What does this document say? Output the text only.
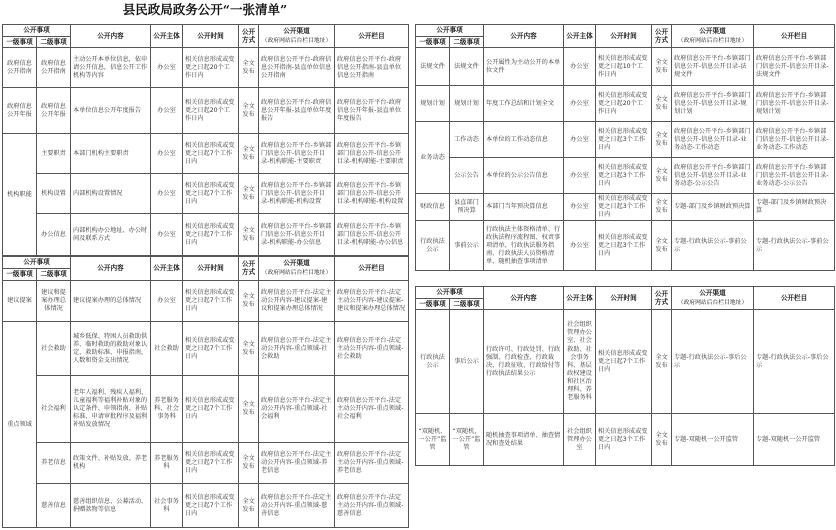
县民政局政务公开“一张清单”
公开事项		公开内容	公开主体	公开时间	公开方式	公开渠道
（政府网站后台栏目地址）	公开栏目
一级事项	二级事项						
政府信息公开指南	政府信息公开指南	主动公开本单位信息，依申请公开信息，信息公开工作机构等内容	办公室	相关信息形成或变更之日起20个工作日内	全文发布	政府信息公开平台-政府信息公开指南-县直单位信息公开指南	政府信息公开平台-政府信息公开指南-县直单位信息公开指南
政府信息公开年报	政府信息公开年报	本单位信息公开年度报告	办公室	相关信息形成或变更之日起20个工作日内	全文发布	政府信息公开平台-政府信息公开年报-县直单位年度报告	政府信息公开平台-政府信息公开年报-县直单位年度报告
机构职能	主要职责	本部门机构主要职责	办公室	相关信息形成或变更之日起7个工作日内	全文发布	政府信息公开平台-乡镇部门信息公开-信息公开目录-机构职能-主要职责	政府信息公开平台-乡镇部门信息公开-信息公开目录-机构职能-主要职责
	机构设置	内部机构设置情况	办公室	相关信息形成或变更之日起7个工作日内	全文发布	政府信息公开平台-乡镇部门信息公开-信息公开目录-机构职能-机构设置	政府信息公开平台-乡镇部门信息公开-信息公开目录-机构职能-机构设置
	办公信息	内部机构办公地址、办公时间及联系方式	办公室	相关信息形成或变更之日起7个工作日内	全文发布	政府信息公开平台-乡镇部门信息公开-信息公开目录-机构职能-办公信息	政府信息公开平台-乡镇部门信息公开-信息公开目录-机构职能-办公信息
公开事项		公开内容	公开主体	公开时间	公开方式	公开渠道
（政府网站后台栏目地址）	公开栏目
一级事项	二级事项						
建议提案	建议和提案办理总体情况	建议提案办理的总体情况	办公室	相关信息形成或变更之日起7个工作日内	全文发布	政府信息公开平台-法定主动公开内容-建议提案-建议和提案办理总体情况	政府信息公开平台-法定主动公开内容-建议提案-建议和提案办理总体情况
重点领域	社会救助	城乡低保、特困人员救助供养、临时救助的救助对象认定、救助标准、申报指南，人数和资金支出情况	社会救助	相关信息形成或变更之日起7个工作日内	全文发布	政府信息公开平台-法定主动公开内容-重点领域-社会救助	政府信息公开平台-法定主动公开内容-重点领域-社会救助
	社会福利	老年人福利、残疾人福利、儿童福利等福利补贴对象的认定条件、申领指南、补贴标准、申请审批程序及福利补贴发放情况	养老服务科、社会事务科	相关信息形成或变更之日起7个工作日内	全文发布	政府信息公开平台-法定主动公开内容-重点领域-社会福利	政府信息公开平台-法定主动公开内容-重点领域-社会福利
	养老信息	政策文件、补贴发放、养老机构	养老服务科	相关信息形成或变更之日起7个工作日内	全文发布	政府信息公开平台-法定主动公开内容-重点领域-养老信息	政府信息公开平台-法定主动公开内容-重点领域-养老信息
	慈善信息	慈善组织信息、公募活动、捐赠款物等信息	社会事务科	相关信息形成或变更之日起7个工作日内	全文发布	政府信息公开平台-法定主动公开内容-重点领域-慈善信息	政府信息公开平台-法定主动公开内容-重点领域-慈善信息
公开事项		公开内容	公开主体	公开时间	公开方式	公开渠道
（政府网站后台栏目地址）	公开栏目
一级事项	二级事项						
法规文件	法规文件	公开属性为主动公开的本单位文件	办公室	相关信息形成或变更之日起10个工作日内	全文发布	政府信息公开平台-乡镇部门信息公开-信息公开目录-法规文件	政府信息公开平台-乡镇部门信息公开-信息公开目录-法规文件
规划计划	规划计划	年度工作总结和计划全文	办公室	相关信息形成或变更之日起20个工作日内	全文发布	政府信息公开平台-乡镇部门信息公开-信息公开目录-规划计划	政府信息公开平台-乡镇部门信息公开-信息公开目录-规划计划
业务动态	工作动态	本单位的工作动态信息	办公室	相关信息形成或变更之日起3个工作日内	全文发布	政府信息公开平台-乡镇部门信息公开-信息公开目录-业务动态-工作动态	政府信息公开平台-乡镇部门信息公开-信息公开目录-业务动态-工作动态
	公示公告	本单位的公示公告信息	办公室	相关信息形成或变更之日起3个工作日内	全文发布	政府信息公开平台-乡镇部门信息公开-信息公开目录-业务动态-公示公告	政府信息公开平台-乡镇部门信息公开-信息公开目录-业务动态-公示公告
财政信息	县直部门预决算	本部门当年预决算信息	办公室	相关信息形成或变更之日起3个工作日内	全文发布	专题-部门及乡镇财政预决算	专题-部门及乡镇财政预决算
行政执法公示	事前公示	行政执法主体资格清单、行政执法程序流程图、权责事项清单、行政执法服务指南、行政执法人员资格清单、随机抽查事项清单	办公室	相关信息形成或变更之日起3个工作日内	全文发布	专题-行政执法公示-事前公示	专题-行政执法公示-事前公示
公开事项		公开内容	公开主体	公开时间	公开方式	公开渠道
（政府网站后台栏目地址）	公开栏目
一级事项	二级事项						
行政执法公示	事后公示	行政许可、行政处罚、行政强制、行政检查、行政裁决、行政征收、行政给付等行政执法结果公示	社会组织管理办公室、社会救助、社会事务科、基层政权建设和社区治理科、养老服务科	相关信息形成或变更之日起7个工作日内	全文发布	专题-行政执法公示-事后公示	专题-行政执法公示-事后公示
“双随机、一公开”监管	“双随机、一公开”监管	随机抽查事项清单、抽查情况和查处结果	社会组织管理办公室	相关信息形成或变更之日起3个工作日内	全文发布	专题-双随机一公开监管	专题-双随机一公开监管
